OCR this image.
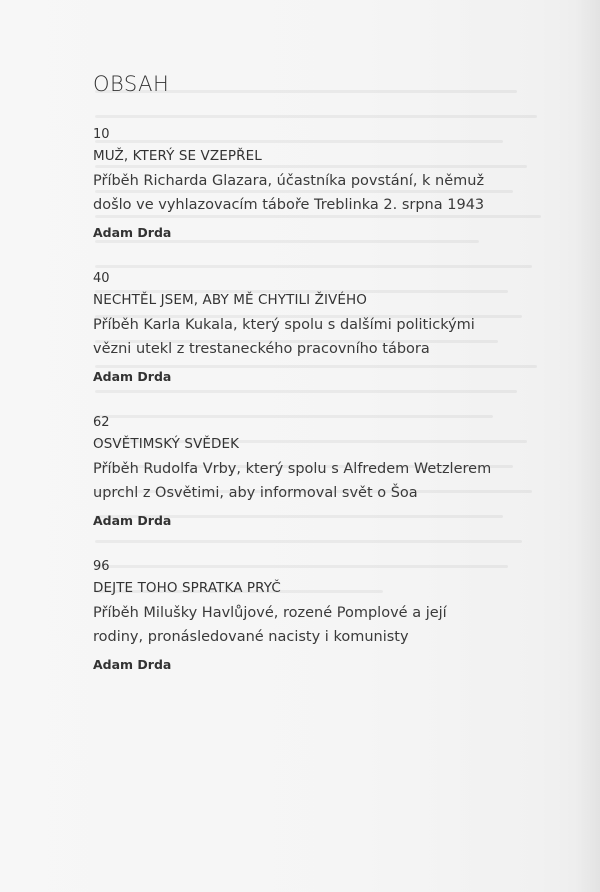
OBSAH

10

MUŽ, KTERÝ SE VZEPŘEL

Příběh Richarda Glazara, účastníka povstání, k němuž
došlo ve vyhlazovacím táboře Treblinka 2. srpna 1943

Adam Drda

40

NECHTĚL JSEM, ABY MĚ CHYTILI ŽIVÉHO

Příběh Karla Kukala, který spolu s dalšími politickými
vězni utekl z trestaneckého pracovního tábora

Adam Drda

62

OSVĚTIMSKÝ SVĚDEK

Příběh Rudolfa Vrby, který spolu s Alfredem Wetzlerem
uprchl z Osvětimi, aby informoval svět o Šoa

Adam Drda

96

DEJTE TOHO SPRATKA PRYČ

Příběh Milušky Havlůjové, rozené Pomplové a její
rodiny, pronásledované nacisty i komunisty

Adam Drda
